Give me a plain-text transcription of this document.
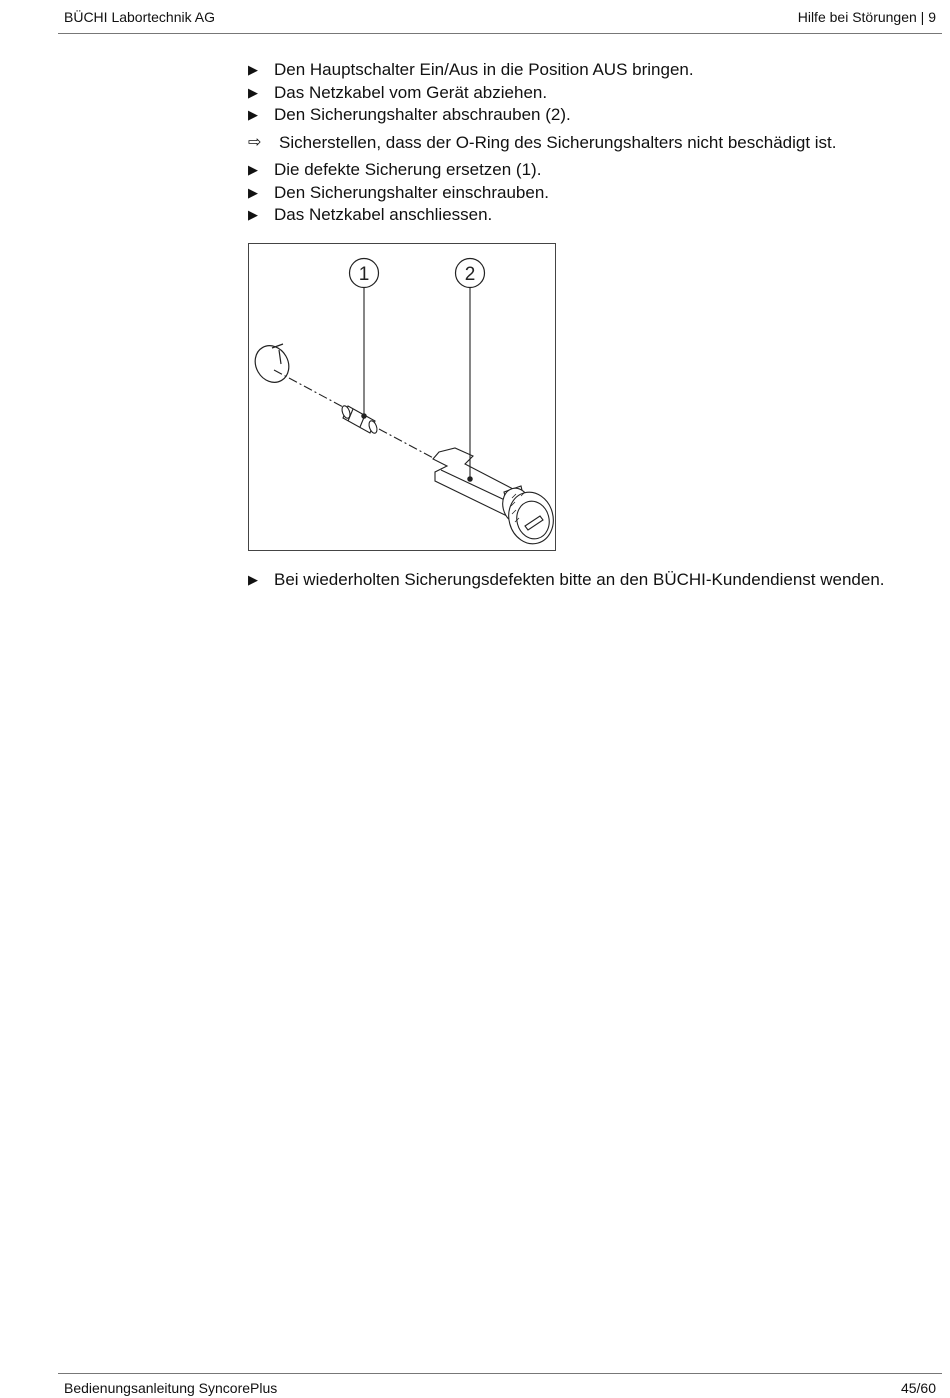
BÜCHI Labortechnik AG	Hilfe bei Störungen | 9
▶ Den Hauptschalter Ein/Aus in die Position AUS bringen.
▶ Das Netzkabel vom Gerät abziehen.
▶ Den Sicherungshalter abschrauben (2).
⇨	Sicherstellen, dass der O-Ring des Sicherungshalters nicht beschädigt ist.
▶ Die defekte Sicherung ersetzen (1).
▶ Den Sicherungshalter einschrauben.
▶ Das Netzkabel anschliessen.
1	2
▶ Bei wiederholten Sicherungsdefekten bitte an den BÜCHI-Kundendienst wenden.
Bedienungsanleitung SyncorePlus	45/60
